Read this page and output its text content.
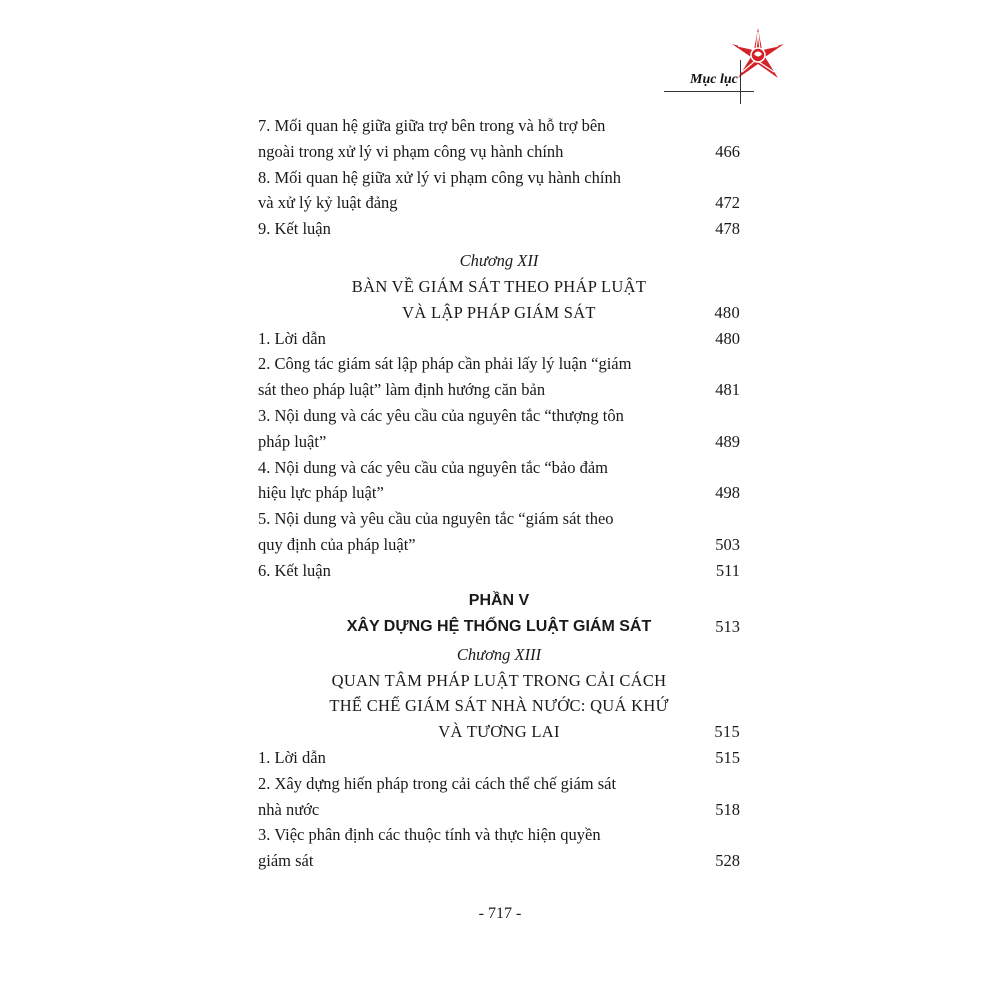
Mục lục
7. Mối quan hệ giữa giữa trợ bên trong và hỗ trợ bên
ngoài trong xử lý vi phạm công vụ hành chính	466
8. Mối quan hệ giữa xử lý vi phạm công vụ hành chính
và xử lý kỷ luật đảng	472
9. Kết luận	478
Chương XII
BÀN VỀ GIÁM SÁT THEO PHÁP LUẬT
VÀ LẬP PHÁP GIÁM SÁT	480
1. Lời dẫn	480
2. Công tác giám sát lập pháp cần phải lấy lý luận “giám
sát theo pháp luật” làm định hướng căn bản	481
3. Nội dung và các yêu cầu của nguyên tắc “thượng tôn
pháp luật”	489
4. Nội dung và các yêu cầu của nguyên tắc “bảo đảm
hiệu lực pháp luật”	498
5. Nội dung và yêu cầu của nguyên tắc “giám sát theo
quy định của pháp luật”	503
6. Kết luận	511
PHẦN V
XÂY DỰNG HỆ THỐNG LUẬT GIÁM SÁT	513
Chương XIII
QUAN TÂM PHÁP LUẬT TRONG CẢI CÁCH
THỂ CHẾ GIÁM SÁT NHÀ NƯỚC: QUÁ KHỨ
VÀ TƯƠNG LAI	515
1. Lời dẫn	515
2. Xây dựng hiến pháp trong cải cách thể chế giám sát
nhà nước	518
3. Việc phân định các thuộc tính và thực hiện quyền
giám sát	528
- 717 -
